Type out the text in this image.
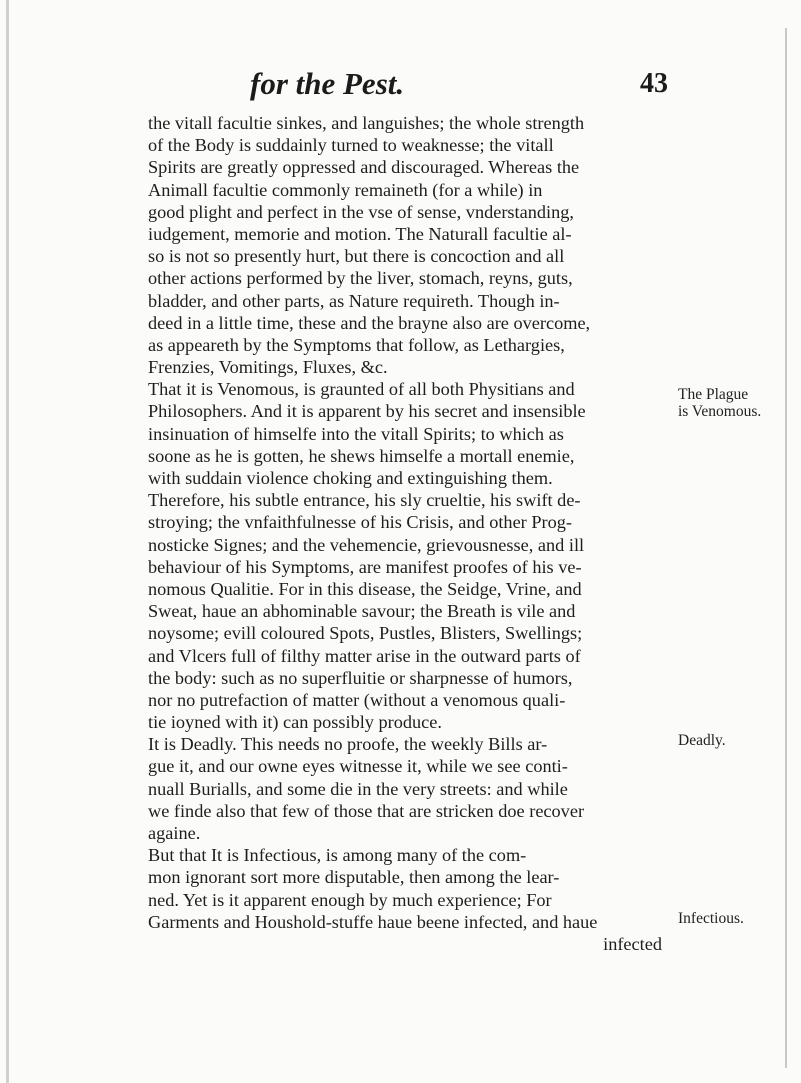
for the Pest.	43
the vitall facultie sinkes, and languishes; the whole strength
of the Body is suddainly turned to weaknesse; the vitall
Spirits are greatly oppressed and discouraged. Whereas the
Animall facultie commonly remaineth (for a while) in
good plight and perfect in the vse of sense, vnderstanding,
iudgement, memorie and motion. The Naturall facultie al-
so is not so presently hurt, but there is concoction and all
other actions performed by the liver, stomach, reyns, guts,
bladder, and other parts, as Nature requireth. Though in-
deed in a little time, these and the brayne also are overcome,
as appeareth by the Symptoms that follow, as Lethargies,
Frenzies, Vomitings, Fluxes, &c.
That it is Venomous, is graunted of all both Physitians and
Philosophers. And it is apparent by his secret and insensible
insinuation of himselfe into the vitall Spirits; to which as
soone as he is gotten, he shews himselfe a mortall enemie,
with suddain violence choking and extinguishing them.
Therefore, his subtle entrance, his sly crueltie, his swift de-
stroying; the vnfaithfulnesse of his Crisis, and other Prog-
nosticke Signes; and the vehemencie, grievousnesse, and ill
behaviour of his Symptoms, are manifest proofes of his ve-
nomous Qualitie. For in this disease, the Seidge, Vrine, and
Sweat, haue an abhominable savour; the Breath is vile and
noysome; evill coloured Spots, Pustles, Blisters, Swellings;
and Vlcers full of filthy matter arise in the outward parts of
the body: such as no superfluitie or sharpnesse of humors,
nor no putrefaction of matter (without a venomous quali-
tie ioyned with it) can possibly produce.
It is Deadly. This needs no proofe, the weekly Bills ar-
gue it, and our owne eyes witnesse it, while we see conti-
nuall Burialls, and some die in the very streets: and while
we finde also that few of those that are stricken doe recover
againe.
But that It is Infectious, is among many of the com-
mon ignorant sort more disputable, then among the lear-
ned. Yet is it apparent enough by much experience; For
Garments and Houshold-stuffe haue beene infected, and haue
infected
The Plague
is Venomous.
Deadly.
Infectious.
